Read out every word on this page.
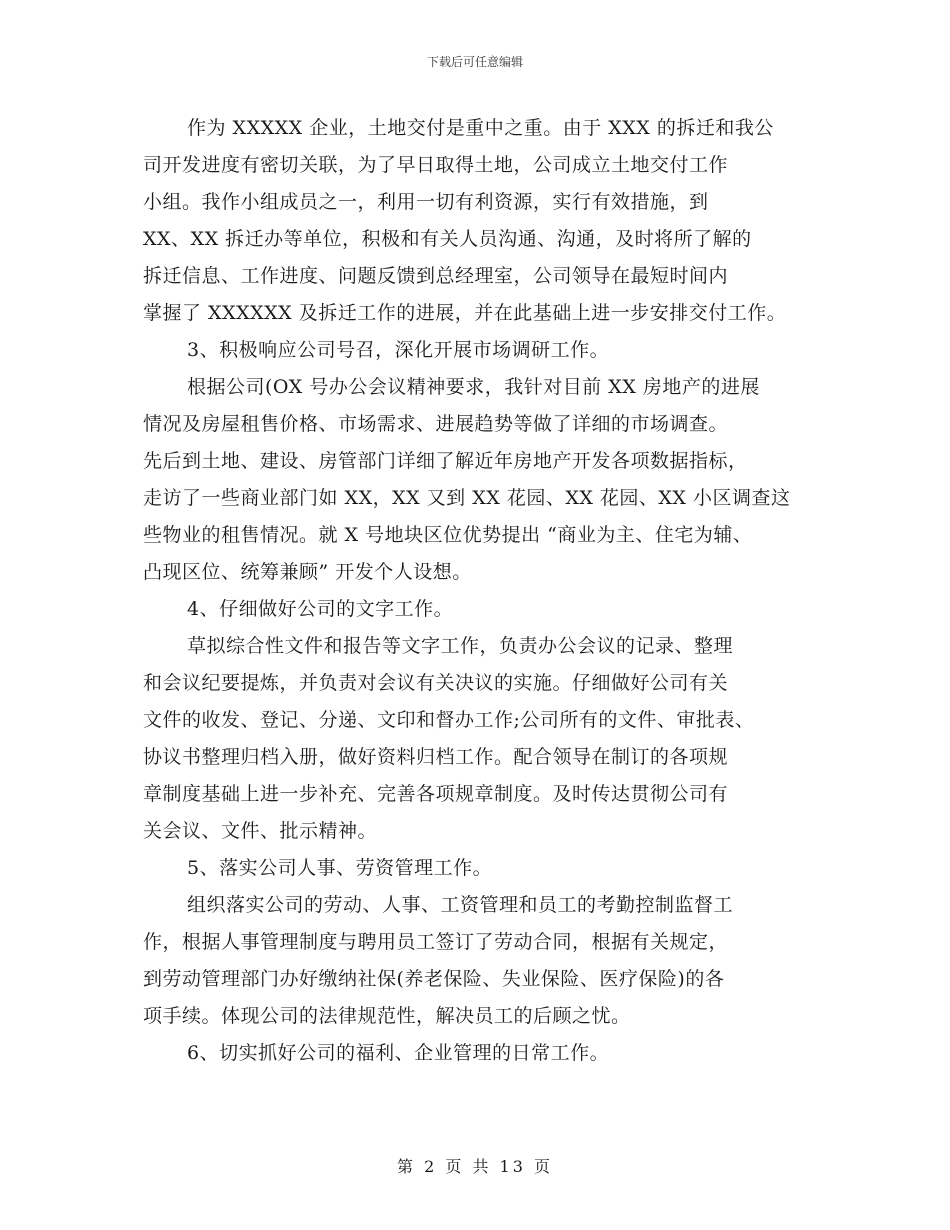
下载后可任意编辑
作为 XXXXX 企业，土地交付是重中之重。由于 XXX 的拆迁和我公
司开发进度有密切关联，为了早日取得土地，公司成立土地交付工作
小组。我作小组成员之一，利用一切有利资源，实行有效措施，到
XX、XX 拆迁办等单位，积极和有关人员沟通、沟通，及时将所了解的
拆迁信息、工作进度、问题反馈到总经理室，公司领导在最短时间内
掌握了 XXXXXX 及拆迁工作的进展，并在此基础上进一步安排交付工作。
3、积极响应公司号召，深化开展市场调研工作。
根据公司(OX 号办公会议精神要求，我针对目前 XX 房地产的进展
情况及房屋租售价格、市场需求、进展趋势等做了详细的市场调查。
先后到土地、建设、房管部门详细了解近年房地产开发各项数据指标，
走访了一些商业部门如 XX，XX 又到 XX 花园、XX 花园、XX 小区调查这
些物业的租售情况。就 X 号地块区位优势提出 “商业为主、住宅为辅、
凸现区位、统筹兼顾” 开发个人设想。
4、仔细做好公司的文字工作。
草拟综合性文件和报告等文字工作，负责办公会议的记录、整理
和会议纪要提炼，并负责对会议有关决议的实施。仔细做好公司有关
文件的收发、登记、分递、文印和督办工作;公司所有的文件、审批表、
协议书整理归档入册，做好资料归档工作。配合领导在制订的各项规
章制度基础上进一步补充、完善各项规章制度。及时传达贯彻公司有
关会议、文件、批示精神。
5、落实公司人事、劳资管理工作。
组织落实公司的劳动、人事、工资管理和员工的考勤控制监督工
作，根据人事管理制度与聘用员工签订了劳动合同，根据有关规定，
到劳动管理部门办好缴纳社保(养老保险、失业保险、医疗保险)的各
项手续。体现公司的法律规范性，解决员工的后顾之忧。
6、切实抓好公司的福利、企业管理的日常工作。
第 2 页 共 13 页
